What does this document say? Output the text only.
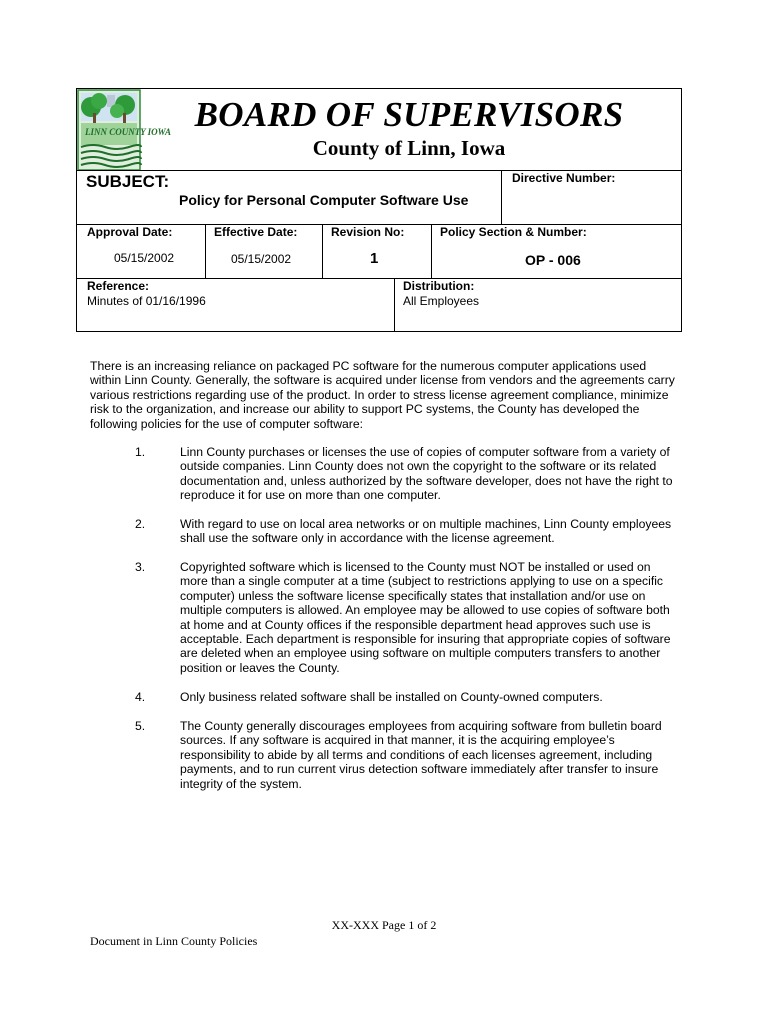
LINN COUNTY IOWA BOARD OF SUPERVISORS
County of Linn, Iowa
SUBJECT:
Policy for Personal Computer Software Use
Directive Number:
Approval Date:
05/15/2002
Effective Date:
05/15/2002
Revision No:
1
Policy Section & Number:
OP - 006
Reference:
Minutes of 01/16/1996
Distribution:
All Employees
There is an increasing reliance on packaged PC software for the numerous computer applications used within Linn County. Generally, the software is acquired under license from vendors and the agreements carry various restrictions regarding use of the product. In order to stress license agreement compliance, minimize risk to the organization, and increase our ability to support PC systems, the County has developed the following policies for the use of computer software:
1.	Linn County purchases or licenses the use of copies of computer software from a variety of outside companies. Linn County does not own the copyright to the software or its related documentation and, unless authorized by the software developer, does not have the right to reproduce it for use on more than one computer.
2.	With regard to use on local area networks or on multiple machines, Linn County employees shall use the software only in accordance with the license agreement.
3.	Copyrighted software which is licensed to the County must NOT be installed or used on more than a single computer at a time (subject to restrictions applying to use on a specific computer) unless the software license specifically states that installation and/or use on multiple computers is allowed. An employee may be allowed to use copies of software both at home and at County offices if the responsible department head approves such use is acceptable. Each department is responsible for insuring that appropriate copies of software are deleted when an employee using software on multiple computers transfers to another position or leaves the County.
4.	Only business related software shall be installed on County-owned computers.
5.	The County generally discourages employees from acquiring software from bulletin board sources. If any software is acquired in that manner, it is the acquiring employee’s responsibility to abide by all terms and conditions of each licenses agreement, including payments, and to run current virus detection software immediately after transfer to insure integrity of the system.
XX-XXX Page 1 of 2
Document in Linn County Policies
